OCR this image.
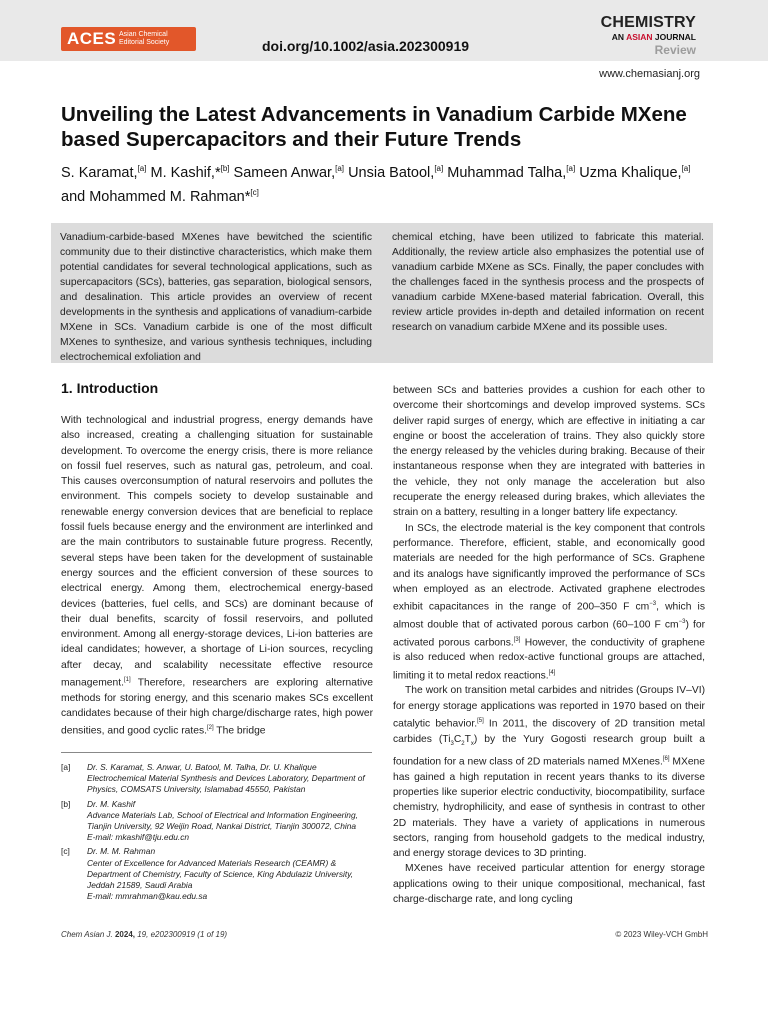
ACES Asian Chemical Editorial Society	doi.org/10.1002/asia.202300919
CHEMISTRY
AN ASIAN JOURNAL
Review
www.chemasianj.org
Unveiling the Latest Advancements in Vanadium Carbide MXene based Supercapacitors and their Future Trends
S. Karamat,[a] M. Kashif,*[b] Sameen Anwar,[a] Unsia Batool,[a] Muhammad Talha,[a] Uzma Khalique,[a] and Mohammed M. Rahman*[c]
Vanadium-carbide-based MXenes have bewitched the scientific community due to their distinctive characteristics, which make them potential candidates for several technological applications, such as supercapacitors (SCs), batteries, gas separation, biological sensors, and desalination. This article provides an overview of recent developments in the synthesis and applications of vanadium-carbide MXene in SCs. Vanadium carbide is one of the most difficult MXenes to synthesize, and various synthesis techniques, including electrochemical exfoliation and
chemical etching, have been utilized to fabricate this material. Additionally, the review article also emphasizes the potential use of vanadium carbide MXene as SCs. Finally, the paper concludes with the challenges faced in the synthesis process and the prospects of vanadium carbide MXene-based material fabrication. Overall, this review article provides in-depth and detailed information on recent research on vanadium carbide MXene and its possible uses.
1. Introduction

With technological and industrial progress, energy demands have also increased, creating a challenging situation for sustainable development. To overcome the energy crisis, there is more reliance on fossil fuel reserves, such as natural gas, petroleum, and coal. This causes overconsumption of natural reservoirs and pollutes the environment. This compels society to develop sustainable and renewable energy conversion devices that are beneficial to replace fossil fuels because energy and the environment are interlinked and are the main contributors to sustainable future progress. Recently, several steps have been taken for the development of sustainable energy sources and the efficient conversion of these sources to electrical energy. Among them, electrochemical energy-based devices (batteries, fuel cells, and SCs) are dominant because of their dual benefits, scarcity of fossil reservoirs, and polluted environment. Among all energy-storage devices, Li-ion batteries are ideal candidates; however, a shortage of Li-ion sources, recycling after decay, and scalability necessitate effective resource management.[1] Therefore, researchers are exploring alternative methods for storing energy, and this scenario makes SCs excellent candidates because of their high charge/discharge rates, high power densities, and good cyclic rates.[2] The bridge

between SCs and batteries provides a cushion for each other to overcome their shortcomings and develop improved systems. SCs deliver rapid surges of energy, which are effective in initiating a car engine or boost the acceleration of trains. They also quickly store the energy released by the vehicles during braking. Because of their instantaneous response when they are integrated with batteries in the vehicle, they not only manage the acceleration but also recuperate the energy released during brakes, which alleviates the strain on a battery, resulting in a longer battery life expectancy.

In SCs, the electrode material is the key component that controls performance. Therefore, efficient, stable, and economically good materials are needed for the high performance of SCs. Graphene and its analogs have significantly improved the performance of SCs when employed as an electrode. Activated graphene electrodes exhibit capacitances in the range of 200–350 F $cm^{-3}$, which is almost double that of activated porous carbon (60–100 F $cm^{-3}$) for activated porous carbons.[3] However, the conductivity of graphene is also reduced when redox-active functional groups are attached, limiting it to metal redox reactions.[4]

The work on transition metal carbides and nitrides (Groups IV–VI) for energy storage applications was reported in 1970 based on their catalytic behavior.[5] In 2011, the discovery of 2D transition metal carbides $(Ti_3C_2T_x)$ by the Yury Gogosti research group built a foundation for a new class of 2D materials named MXenes.[6] MXene has gained a high reputation in recent years thanks to its diverse properties like superior electric conductivity, biocompatibility, surface chemistry, hydrophilicity, and ease of synthesis in contrast to other 2D materials. They have a variety of applications in numerous sectors, ranging from household gadgets to the medical industry, and energy storage devices to 3D printing.

MXenes have received particular attention for energy storage applications owing to their unique compositional, mechanical, fast charge-discharge rate, and long cycling

[a] Dr. S. Karamat, S. Anwar, U. Batool, M. Talha, Dr. U. Khalique
Electrochemical Material Synthesis and Devices Laboratory, Department of Physics, COMSATS University, Islamabad 45550, Pakistan
[b] Dr. M. Kashif
Advance Materials Lab, School of Electrical and Information Engineering, Tianjin University, 92 Weijin Road, Nankai District, Tianjin 300072, China
E-mail: mkashif@tju.edu.cn
[c] Dr. M. M. Rahman
Center of Excellence for Advanced Materials Research (CEAMR) & Department of Chemistry, Faculty of Science, King Abdulaziz University, Jeddah 21589, Saudi Arabia
E-mail: mmrahman@kau.edu.sa
Chem Asian J. 2024, 19, e202300919 (1 of 19)	© 2023 Wiley-VCH GmbH
